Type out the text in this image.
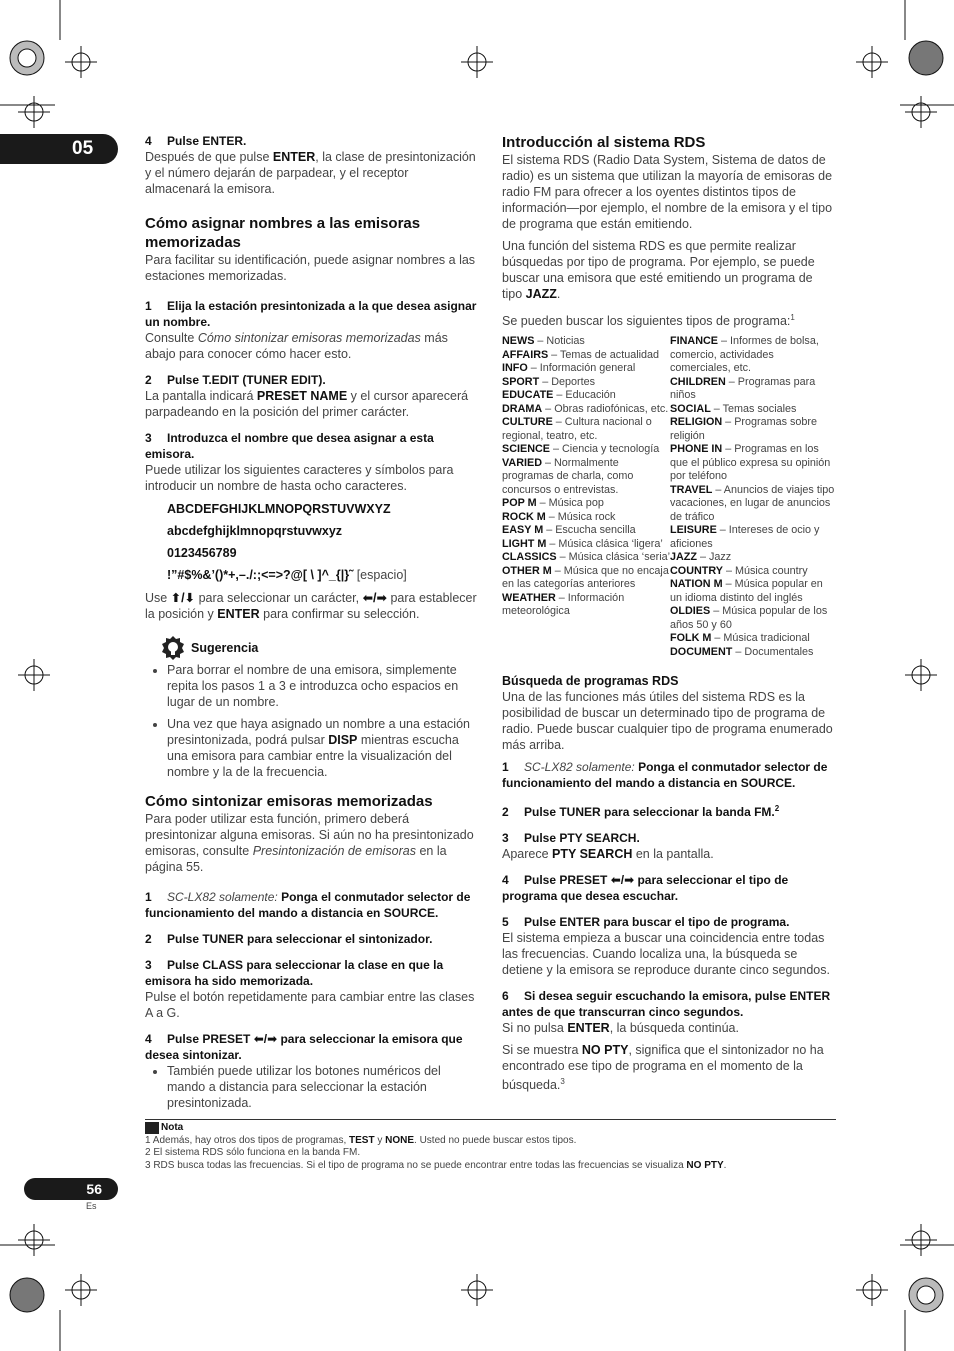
05
56
Es
4 Pulse ENTER.

Después de que pulse ENTER, la clase de presintonización y el número dejarán de parpadear, y el receptor almacenará la emisora.

Cómo asignar nombres a las emisoras memorizadas

Para facilitar su identificación, puede asignar nombres a las estaciones memorizadas.

1 Elija la estación presintonizada a la que desea asignar un nombre.

Consulte Cómo sintonizar emisoras memorizadas más abajo para conocer cómo hacer esto.

2 Pulse T.EDIT (TUNER EDIT).

La pantalla indicará PRESET NAME y el cursor aparecerá parpadeando en la posición del primer carácter.

3 Introduzca el nombre que desea asignar a esta emisora.

Puede utilizar los siguientes caracteres y símbolos para introducir un nombre de hasta ocho caracteres.

ABCDEFGHIJKLMNOPQRSTUVWXYZ
abcdefghijklmnopqrstuvwxyz
0123456789
!”#$%&’()*+,–./:;<=>?@[ \ ]^_{|}˜ [espacio]

Use ⬆/⬇ para seleccionar un carácter, ⬅/➡ para establecer la posición y ENTER para confirmar su selección.

Sugerencia
• Para borrar el nombre de una emisora, simplemente repita los pasos 1 a 3 e introduzca ocho espacios en lugar de un nombre.
• Una vez que haya asignado un nombre a una estación presintonizada, podrá pulsar DISP mientras escucha una emisora para cambiar entre la visualización del nombre y la de la frecuencia.
Cómo sintonizar emisoras memorizadas

Para poder utilizar esta función, primero deberá presintonizar alguna emisoras. Si aún no ha presintonizado emisoras, consulte Presintonización de emisoras en la página 55.

1 SC-LX82 solamente: Ponga el conmutador selector de funcionamiento del mando a distancia en SOURCE.
2 Pulse TUNER para seleccionar el sintonizador.
3 Pulse CLASS para seleccionar la clase en que la emisora ha sido memorizada.

Pulse el botón repetidamente para cambiar entre las clases A a G.

4 Pulse PRESET ⬅/➡ para seleccionar la emisora que desea sintonizar.
• También puede utilizar los botones numéricos del mando a distancia para seleccionar la estación presintonizada.
Introducción al sistema RDS

El sistema RDS (Radio Data System, Sistema de datos de radio) es un sistema que utilizan la mayoría de emisoras de radio FM para ofrecer a los oyentes distintos tipos de información—por ejemplo, el nombre de la emisora y el tipo de programa que están emitiendo.

Una función del sistema RDS es que permite realizar búsquedas por tipo de programa. Por ejemplo, se puede buscar una emisora que esté emitiendo un programa de tipo JAZZ.

Se pueden buscar los siguientes tipos de programa:$^1$

NEWS – Noticias
AFFAIRS – Temas de actualidad
INFO – Información general
SPORT – Deportes
EDUCATE – Educación
DRAMA – Obras radiofónicas, etc.
CULTURE – Cultura nacional o regional, teatro, etc.
SCIENCE – Ciencia y tecnología
VARIED – Normalmente programas de charla, como concursos o entrevistas.
POP M – Música pop
ROCK M – Música rock
EASY M – Escucha sencilla
LIGHT M – Música clásica ‘ligera’
CLASSICS – Música clásica ‘seria’
OTHER M – Música que no encaja en las categorías anteriores
WEATHER – Información meteorológica
FINANCE – Informes de bolsa, comercio, actividades comerciales, etc.
CHILDREN – Programas para niños
SOCIAL – Temas sociales
RELIGION – Programas sobre religión
PHONE IN – Programas en los que el público expresa su opinión por teléfono
TRAVEL – Anuncios de viajes tipo vacaciones, en lugar de anuncios de tráfico
LEISURE – Intereses de ocio y aficiones
JAZZ – Jazz
COUNTRY – Música country
NATION M – Música popular en un idioma distinto del inglés
OLDIES – Música popular de los años 50 y 60
FOLK M – Música tradicional
DOCUMENT – Documentales
Búsqueda de programas RDS

Una de las funciones más útiles del sistema RDS es la posibilidad de buscar un determinado tipo de programa de radio. Puede buscar cualquier tipo de programa enumerado más arriba.

1 SC-LX82 solamente: Ponga el conmutador selector de funcionamiento del mando a distancia en SOURCE.
2 Pulse TUNER para seleccionar la banda FM.$^2$
3 Pulse PTY SEARCH.

Aparece PTY SEARCH en la pantalla.

4 Pulse PRESET ⬅/➡ para seleccionar el tipo de programa que desea escuchar.
5 Pulse ENTER para buscar el tipo de programa.

El sistema empieza a buscar una coincidencia entre todas las frecuencias. Cuando localiza una, la búsqueda se detiene y la emisora se reproduce durante cinco segundos.

6 Si desea seguir escuchando la emisora, pulse ENTER antes de que transcurran cinco segundos.

Si no pulsa ENTER, la búsqueda continúa.

Si se muestra NO PTY, significa que el sintonizador no ha encontrado ese tipo de programa en el momento de la búsqueda.$^3$

Nota
1 Además, hay otros dos tipos de programas, TEST y NONE. Usted no puede buscar estos tipos.
2 El sistema RDS sólo funciona en la banda FM.
3 RDS busca todas las frecuencias. Si el tipo de programa no se puede encontrar entre todas las frecuencias se visualiza NO PTY.
